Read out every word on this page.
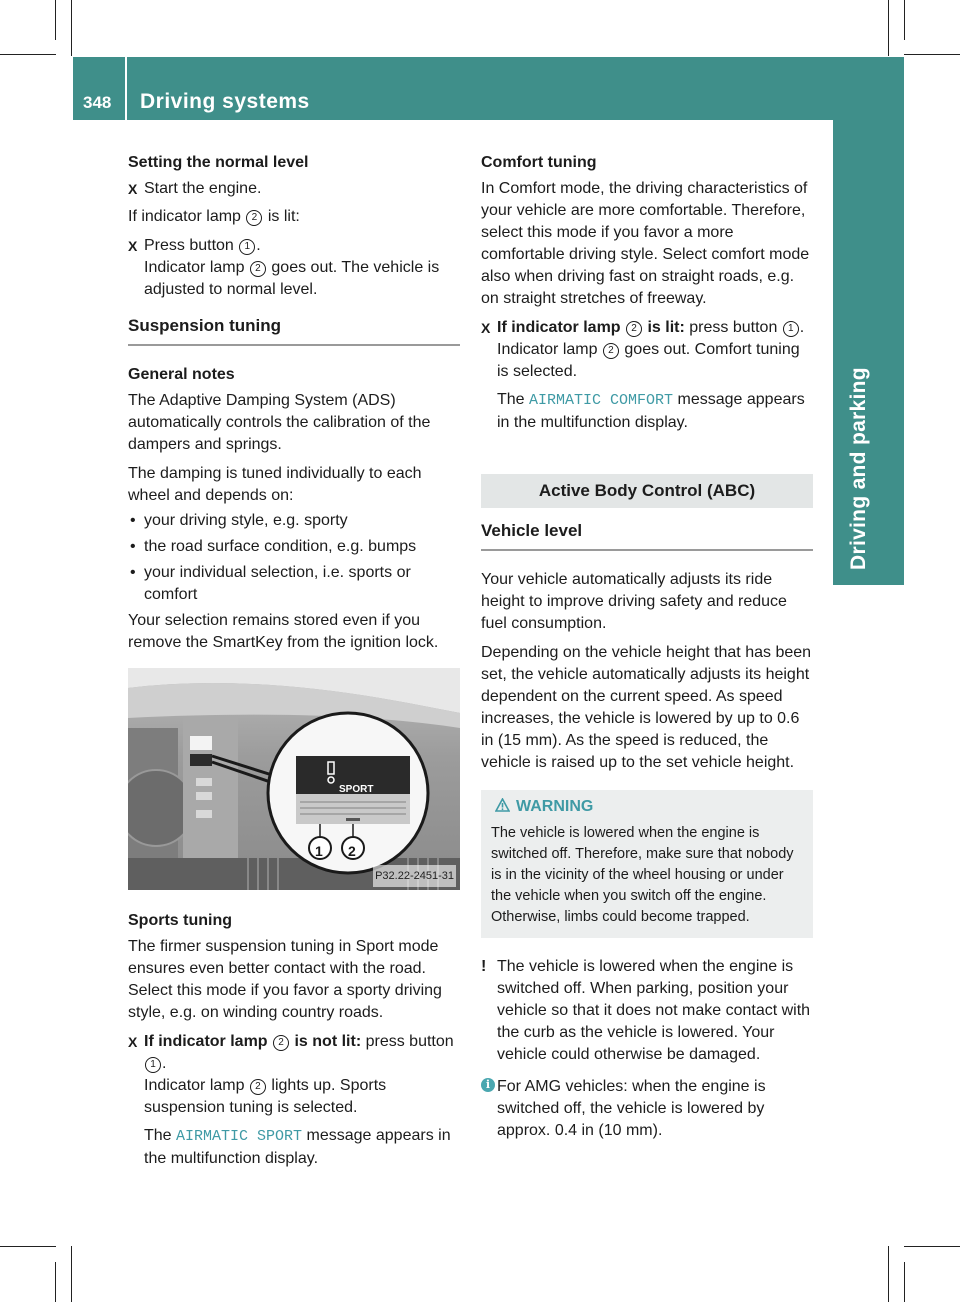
348 Driving systems
Driving and parking

Setting the normal level

X Start the engine.

If indicator lamp 2 is lit:

X Press button 1 .
Indicator lamp 2 goes out. The vehicle is adjusted to normal level.
Suspension tuning

General notes

The Adaptive Damping System (ADS) automatically controls the calibration of the dampers and springs.

The damping is tuned individually to each wheel and depends on:

• your driving style, e.g. sporty
• the road surface condition, e.g. bumps
• your individual selection, i.e. sports or comfort

Your selection remains stored even if you remove the SmartKey from the ignition lock.

SPORT
1 2
P32.22-2451-31

Sports tuning

The firmer suspension tuning in Sport mode ensures even better contact with the road. Select this mode if you favor a sporty driving style, e.g. on winding country roads.

X If indicator lamp 2 is not lit: press button 1 .
Indicator lamp 2 lights up. Sports suspension tuning is selected.
The AIRMATIC SPORT message appears in the multifunction display.

Comfort tuning

In Comfort mode, the driving characteristics of your vehicle are more comfortable. Therefore, select this mode if you favor a more comfortable driving style. Select comfort mode also when driving fast on straight roads, e.g. on straight stretches of freeway.

X If indicator lamp 2 is lit: press button 1 .
Indicator lamp 2 goes out. Comfort tuning is selected.
The AIRMATIC COMFORT message appears in the multifunction display.
Active Body Control (ABC)
Vehicle level

Your vehicle automatically adjusts its ride height to improve driving safety and reduce fuel consumption.

Depending on the vehicle height that has been set, the vehicle automatically adjusts its height dependent on the current speed. As speed increases, the vehicle is lowered by up to 0.6 in (15 mm). As the speed is reduced, the vehicle is raised up to the set vehicle height.

WARNING
The vehicle is lowered when the engine is switched off. Therefore, make sure that nobody is in the vicinity of the wheel housing or under the vehicle when you switch off the engine. Otherwise, limbs could become trapped.
! The vehicle is lowered when the engine is switched off. When parking, position your vehicle so that it does not make contact with the curb as the vehicle is lowered. Your vehicle could otherwise be damaged.
i For AMG vehicles: when the engine is switched off, the vehicle is lowered by approx. 0.4 in (10 mm).
